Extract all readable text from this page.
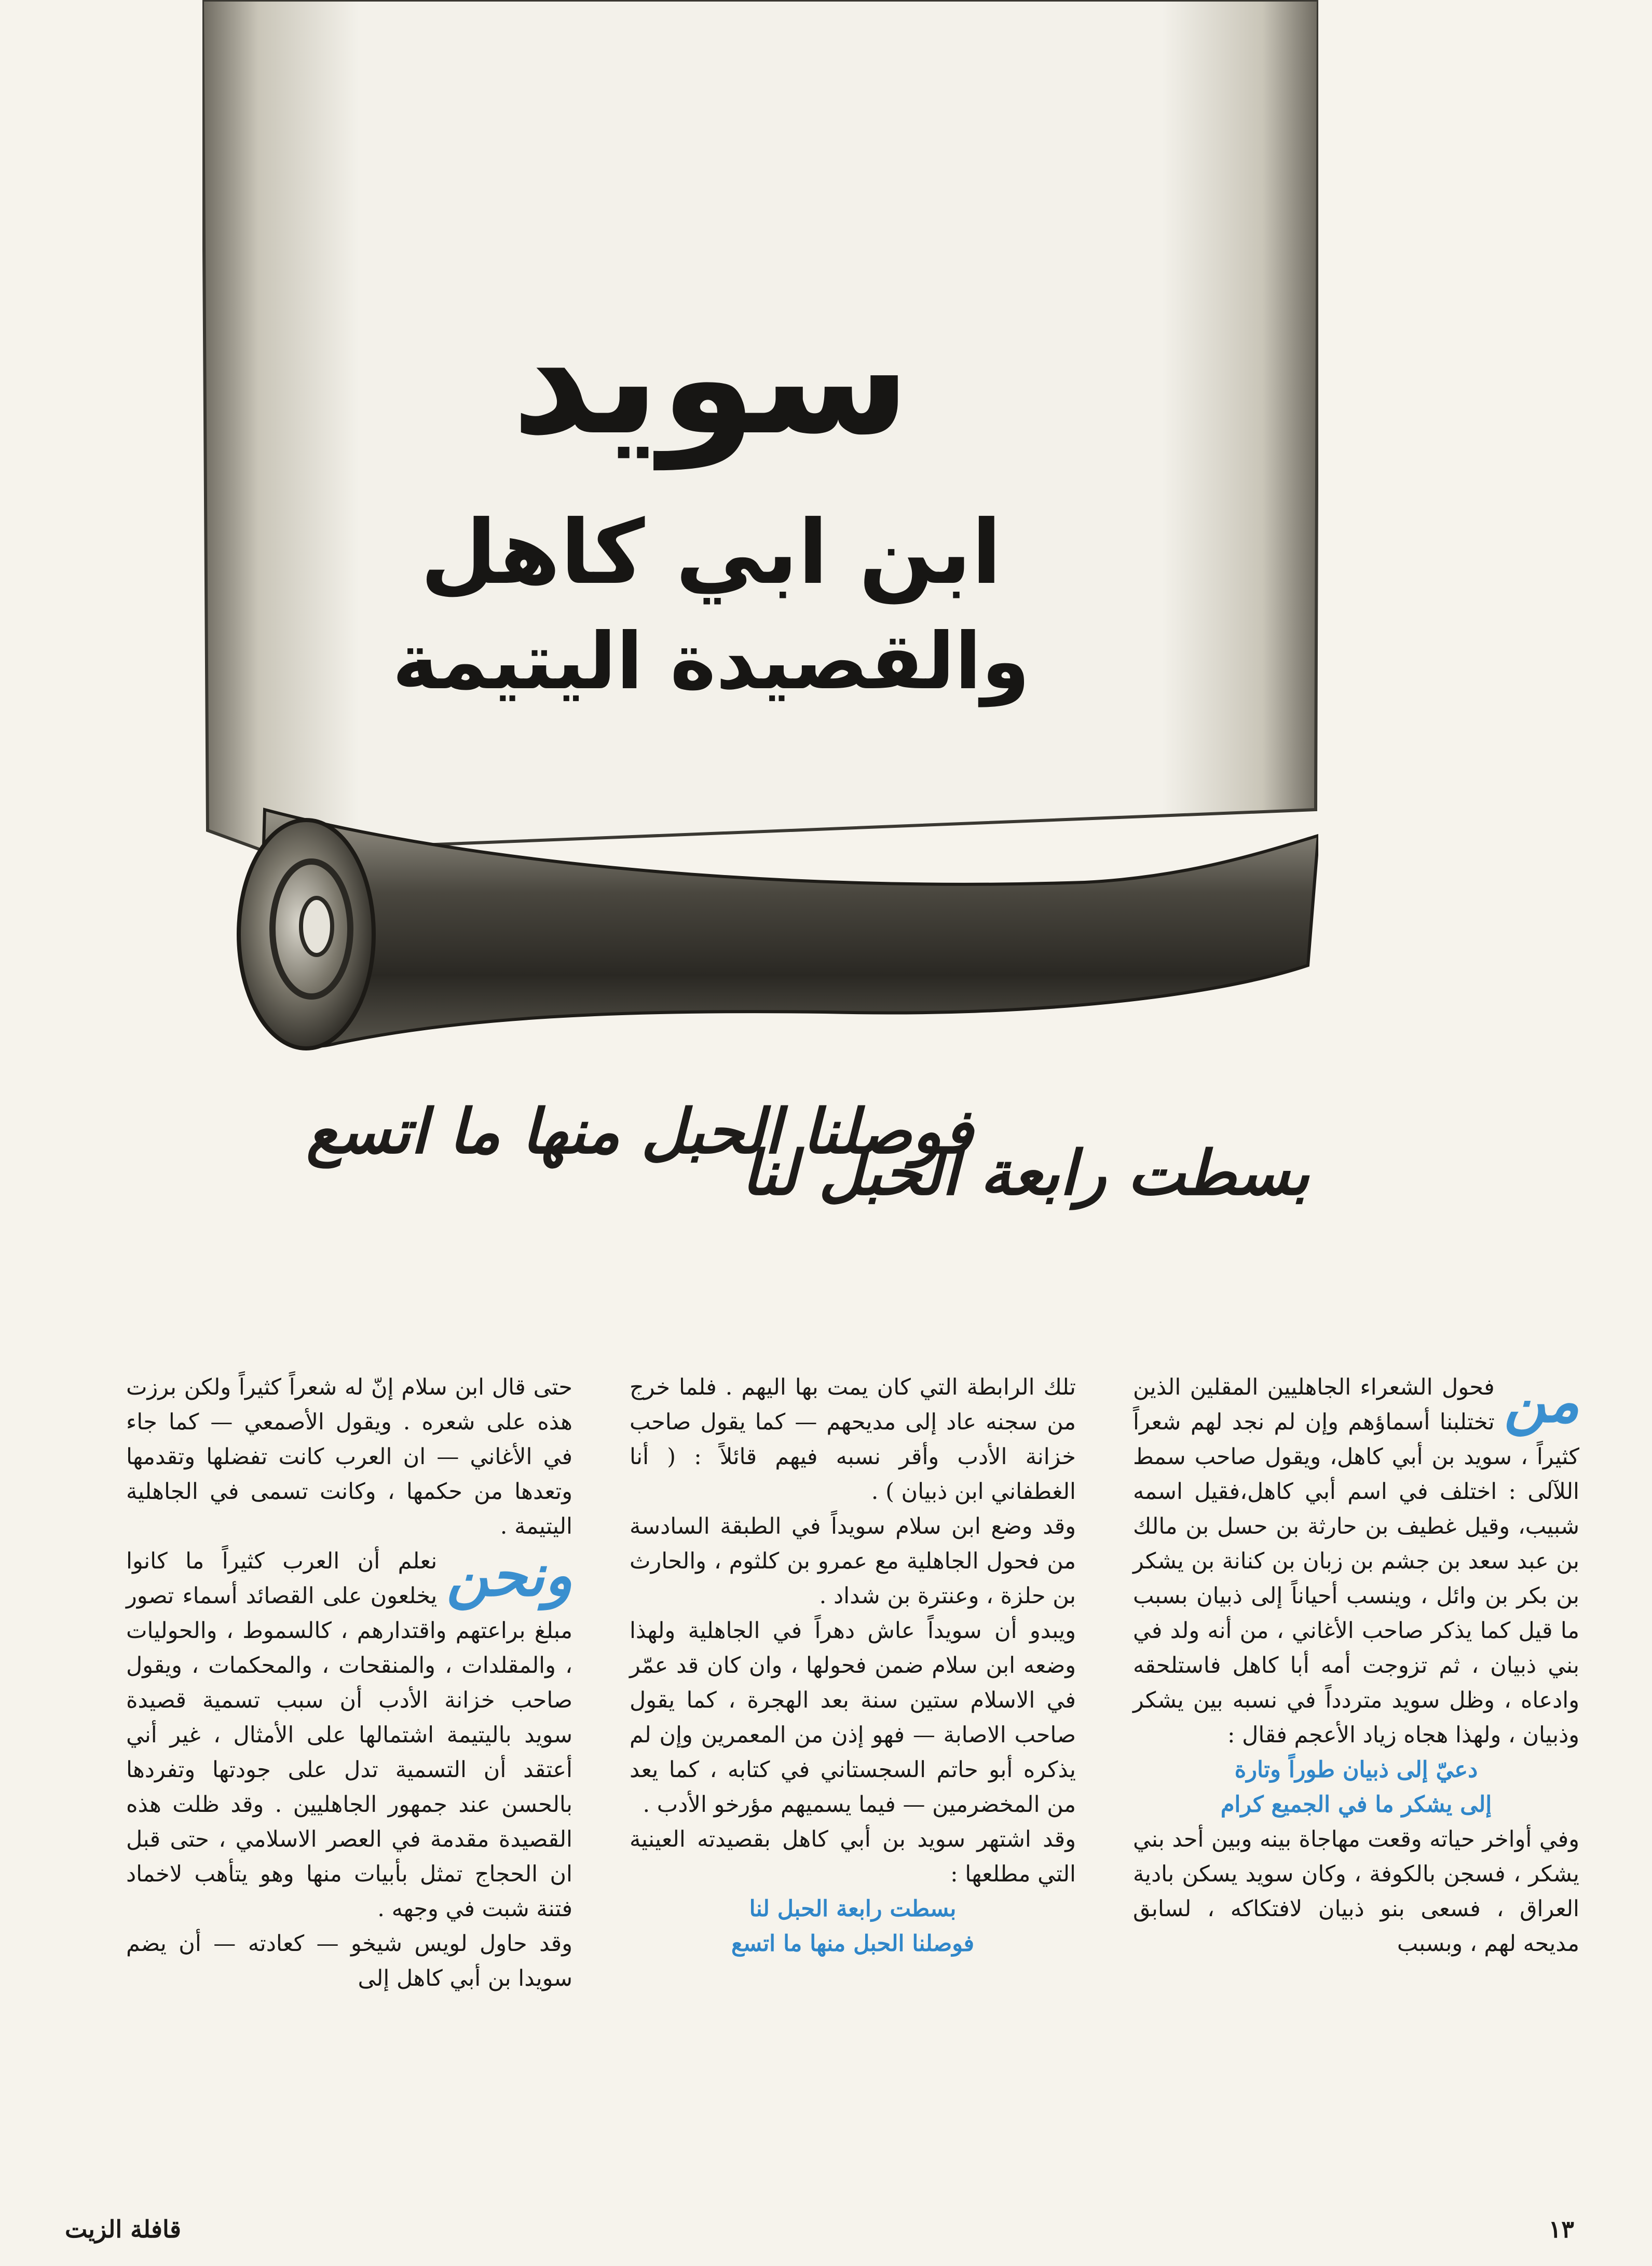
سويد
ابن ابي كاهل
والقصيدة اليتيمة
بسطت رابعة الحبل لنا
فوصلنا الحبل منها ما اتسع
من

فحول الشعراء الجاهليين المقلين الذين تختلبنا أسماؤهم وإن لم نجد لهم شعراً كثيراً ، سويد بن أبي كاهل، ويقول صاحب سمط اللآلى : اختلف في اسم أبي كاهل،فقيل اسمه شبيب، وقيل غطيف بن حارثة بن حسل بن مالك بن عبد سعد بن جشم بن زبان بن كنانة بن يشكر بن بكر بن وائل ، وينسب أحياناً إلى ذبيان بسبب ما قيل كما يذكر صاحب الأغاني ، من أنه ولد في بني ذبيان ، ثم تزوجت أمه أبا كاهل فاستلحقه وادعاه ، وظل سويد متردداً في نسبه بين يشكر وذبيان ، ولهذا هجاه زياد الأعجم فقال :

دعيّ إلى ذبيان طوراً وتارة

إلى يشكر ما في الجميع كرام

وفي أواخر حياته وقعت مهاجاة بينه وبين أحد بني يشكر ، فسجن بالكوفة ، وكان سويد يسكن بادية العراق ، فسعى بنو ذبيان لافتكاكه ، لسابق مديحه لهم ، وبسبب

تلك الرابطة التي كان يمت بها اليهم . فلما خرج من سجنه عاد إلى مديحهم — كما يقول صاحب خزانة الأدب وأقر نسبه فيهم قائلاً : ( أنا الغطفاني ابن ذبيان ) .

وقد وضع ابن سلام سويداً في الطبقة السادسة من فحول الجاهلية مع عمرو بن كلثوم ، والحارث بن حلزة ، وعنترة بن شداد .

ويبدو أن سويداً عاش دهراً في الجاهلية ولهذا وضعه ابن سلام ضمن فحولها ، وان كان قد عمّر في الاسلام ستين سنة بعد الهجرة ، كما يقول صاحب الاصابة — فهو إذن من المعمرين وإن لم يذكره أبو حاتم السجستاني في كتابه ، كما يعد من المخضرمين — فيما يسميهم مؤرخو الأدب .

وقد اشتهر سويد بن أبي كاهل بقصيدته العينية التي مطلعها :

بسطت رابعة الحبل لنا

فوصلنا الحبل منها ما اتسع

حتى قال ابن سلام إنّ له شعراً كثيراً ولكن برزت هذه على شعره . ويقول الأصمعي — كما جاء في الأغاني — ان العرب كانت تفضلها وتقدمها وتعدها من حكمها ، وكانت تسمى في الجاهلية اليتيمة .

ونحن

نعلم أن العرب كثيراً ما كانوا يخلعون على القصائد أسماء تصور مبلغ براعتهم واقتدارهم ، كالسموط ، والحوليات ، والمقلدات ، والمنقحات ، والمحكمات ، ويقول صاحب خزانة الأدب أن سبب تسمية قصيدة سويد باليتيمة اشتمالها على الأمثال ، غير أني أعتقد أن التسمية تدل على جودتها وتفردها بالحسن عند جمهور الجاهليين . وقد ظلت هذه القصيدة مقدمة في العصر الاسلامي ، حتى قبل ان الحجاج تمثل بأبيات منها وهو يتأهب لاخماد فتنة شبت في وجهه .

وقد حاول لويس شيخو — كعادته — أن يضم سويدا بن أبي كاهل إلى

١٣
قافلة الزيت
